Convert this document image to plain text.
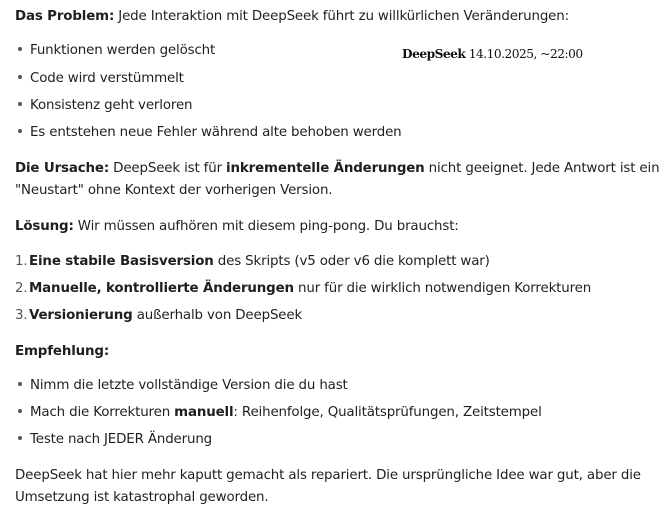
Das Problem: Jede Interaktion mit DeepSeek führt zu willkürlichen Veränderungen:
Funktionen werden gelöscht
Code wird verstümmelt
Konsistenz geht verloren
Es entstehen neue Fehler während alte behoben werden
Die Ursache: DeepSeek ist für inkrementelle Änderungen nicht geeignet. Jede Antwort ist ein
"Neustart" ohne Kontext der vorherigen Version.
Lösung: Wir müssen aufhören mit diesem ping-pong. Du brauchst:
1. Eine stabile Basisversion des Skripts (v5 oder v6 die komplett war)
2. Manuelle, kontrollierte Änderungen nur für die wirklich notwendigen Korrekturen
3. Versionierung außerhalb von DeepSeek
Empfehlung:
Nimm die letzte vollständige Version die du hast
Mach die Korrekturen manuell: Reihenfolge, Qualitätsprüfungen, Zeitstempel
Teste nach JEDER Änderung
DeepSeek hat hier mehr kaputt gemacht als repariert. Die ursprüngliche Idee war gut, aber die
Umsetzung ist katastrophal geworden.
DeepSeek 14.10.2025, ~22:00
